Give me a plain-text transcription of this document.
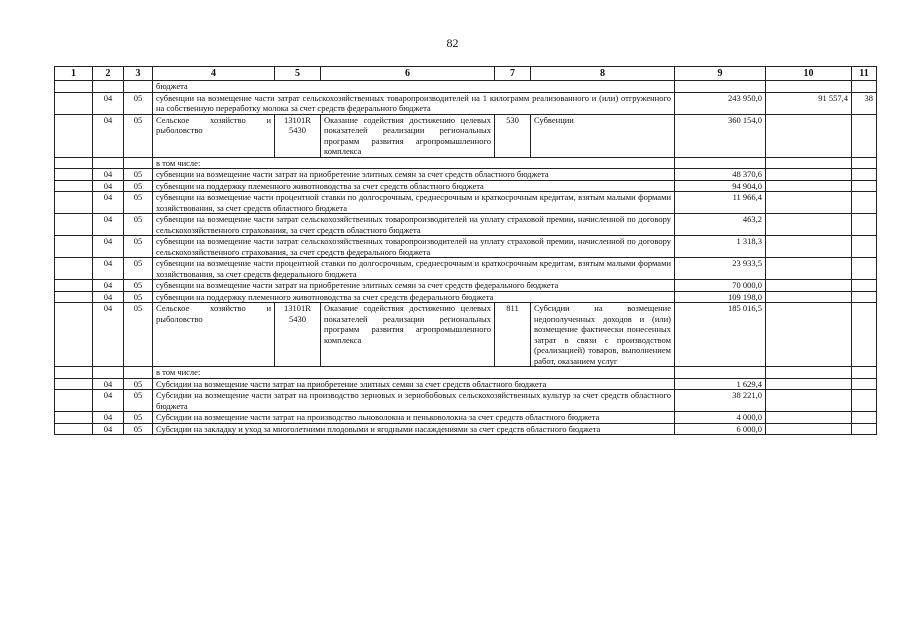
82
1	2	3	4	5	6	7	8	9	10	11
			бюджета							
	04	05	субвенции на возмещение части затрат сельскохозяйственных товаропроизводителей на 1 килограмм реализованного и (или) отгруженного на собственную переработку молока за счет средств федерального бюджета					243 950,0	91 557,4	38
	04	05	Сельское хозяйство и рыболовство	13101R 5430	Оказание содействия достижению целевых показателей реализации региональных программ развития агропромышленного комплекса	530	Субвенции	360 154,0		
			в том числе:							
	04	05	субвенции на возмещение части затрат на приобретение элитных семян за счет средств областного бюджета					48 370,6		
	04	05	субвенции на поддержку племенного животноводства за счет средств областного бюджета					94 904,0		
	04	05	субвенции на возмещение части процентной ставки по долгосрочным, среднесрочным и краткосрочным кредитам, взятым малыми формами хозяйствования, за счет средств областного бюджета					11 966,4		
	04	05	субвенции на возмещение части затрат сельскохозяйственных товаропроизводителей на уплату страховой премии, начисленной по договору сельскохозяйственного страхования, за счет средств областного бюджета					463,2		
	04	05	субвенции на возмещение части затрат сельскохозяйственных товаропроизводителей на уплату страховой премии, начисленной по договору сельскохозяйственного страхования, за счет средств федерального бюджета					1 318,3		
	04	05	субвенции на возмещение части процентной ставки по долгосрочным, среднесрочным и краткосрочным кредитам, взятым малыми формами хозяйствования, за счет средств федерального бюджета					23 933,5		
	04	05	субвенции на возмещение части затрат на приобретение элитных семян за счет средств федерального бюджета					70 000,0		
	04	05	субвенции на поддержку племенного животноводства за счет средств федерального бюджета					109 198,0		
	04	05	Сельское хозяйство и рыболовство	13101R 5430	Оказание содействия достижению целевых показателей реализации региональных программ развития агропромышленного комплекса	811	Субсидии на возмещение недополученных доходов и (или) возмещение фактически понесенных затрат в связи с производством (реализацией) товаров, выполнением работ, оказанием услуг	185 016,5		
			в том числе:							
	04	05	Субсидии на возмещение части затрат на приобретение элитных семян за счет средств областного бюджета					1 629,4		
	04	05	Субсидии на возмещение части затрат на производство зерновых и зернобобовых сельскохозяйственных культур за счет средств областного бюджета					38 221,0		
	04	05	Субсидии на возмещение части затрат на производство льноволокна и пеньковолокна за счет средств областного бюджета					4 000,0		
	04	05	Субсидии на закладку и уход за многолетними плодовыми и ягодными насаждениями за счет средств областного бюджета					6 000,0		
